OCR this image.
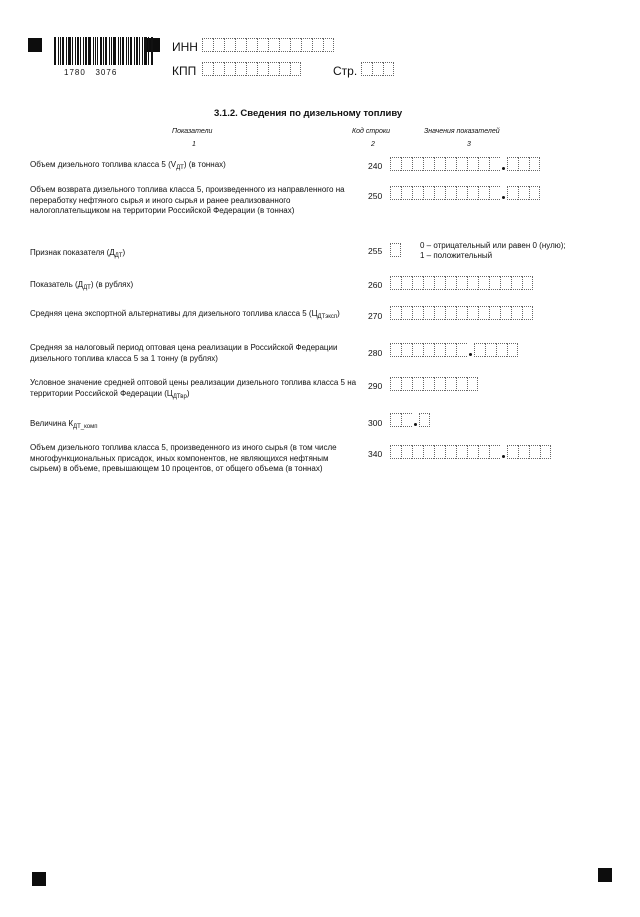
1780   3076
ИНН
КПП	Стр.
3.1.2. Сведения по дизельному топливу
Показатели	Код строки	Значения показателей
1	2	3
Объем дизельного топлива класса 5 $(V_{ДТ})$ (в тоннах)	240
Объем возврата дизельного топлива класса 5, произведенного из направленного на переработку нефтяного сырья и иного сырья и ранее реализованного налогоплательщиком на территории Российской Федерации (в тоннах)
250
Признак показателя $(Д_{ДТ})$	255
0 – отрицательный или равен 0 (нулю);
1 – положительный
Показатель $(Д_{ДТ})$ (в рублях)	260
Средняя цена экспортной альтернативы для дизельного топлива класса 5 $(Ц_{ДТэкcп})$	270
Средняя за налоговый период оптовая цена реализации в Российской Федерации дизельного топлива класса 5 за 1 тонну (в рублях)	280
Условное значение средней оптовой цены реализации дизельного топлива класса 5 на территории Российской Федерации $(Ц_{ДТвр})$
290
Величина $К_{ДТ\_комп}$	300
Объем дизельного топлива класса 5, произведенного из иного сырья (в том числе многофункциональных присадок, иных компонентов, не являющихся нефтяным сырьем) в объеме, превышающем 10 процентов, от общего объема (в тоннах)
340
